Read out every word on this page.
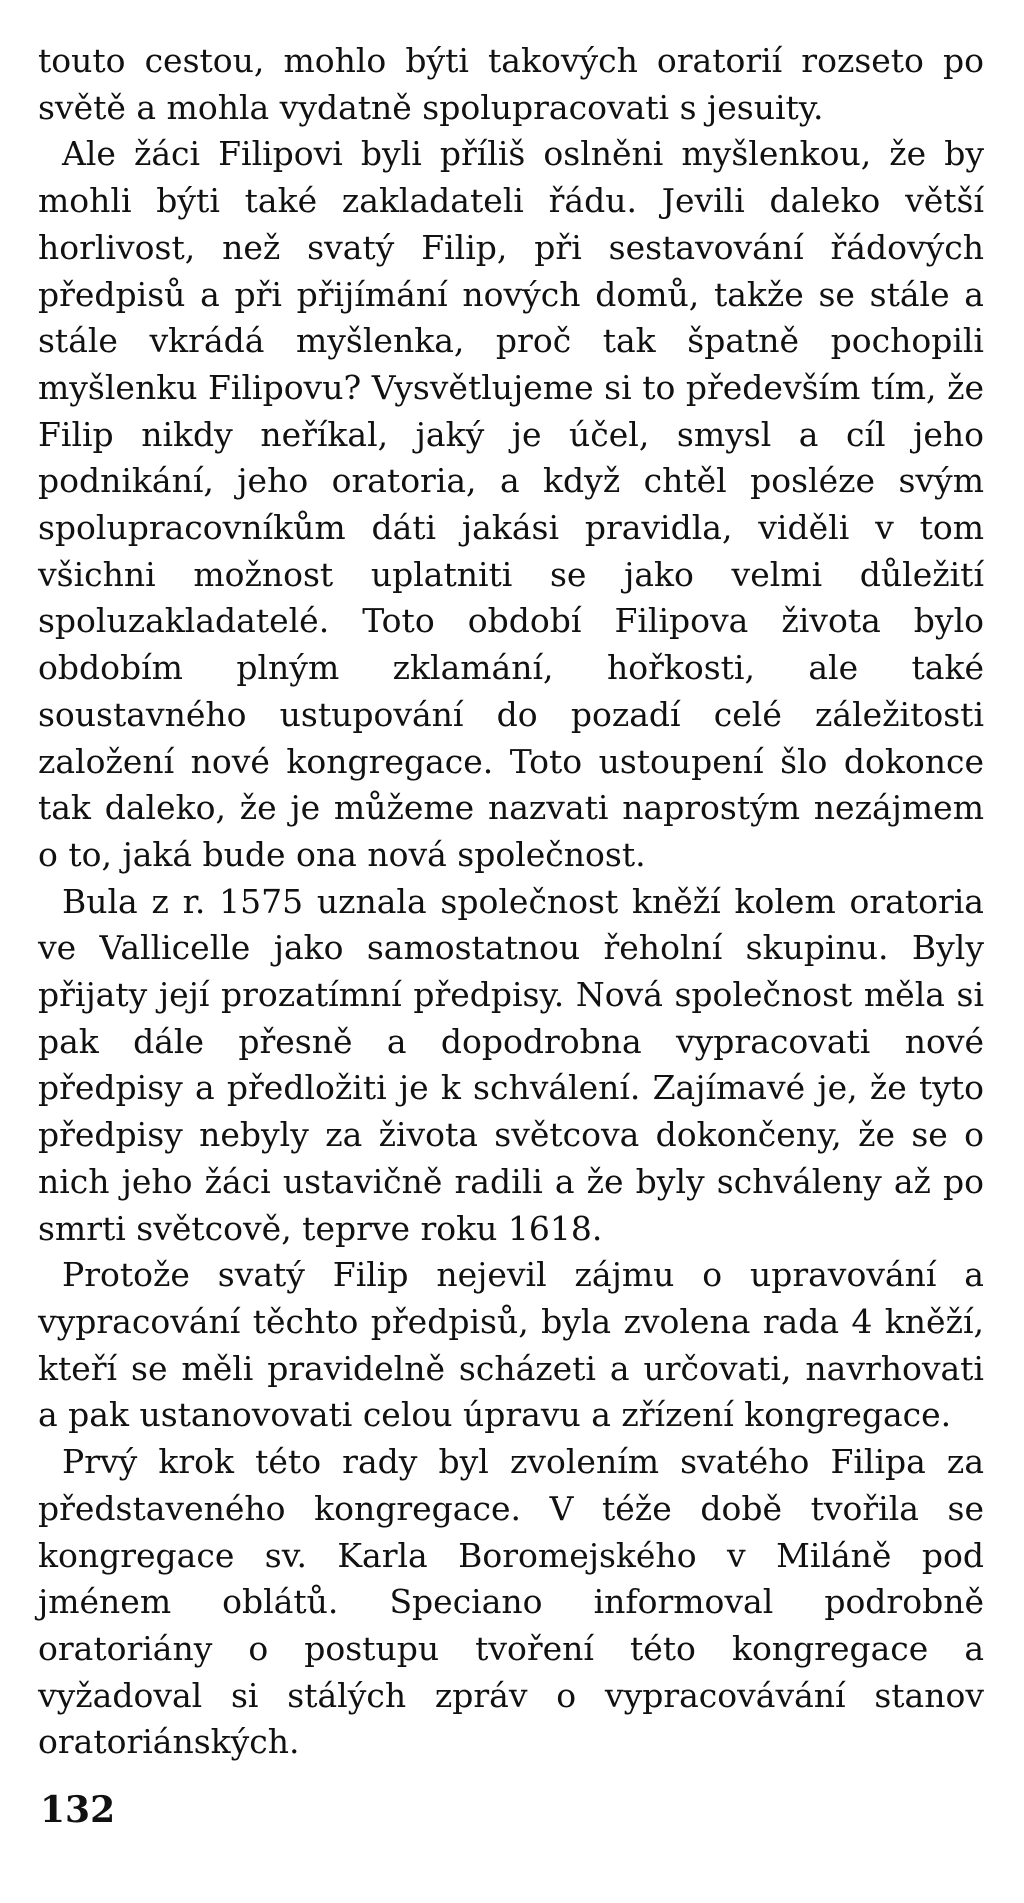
touto cestou, mohlo býti takových oratorií rozseto po světě a mohla vydatně spolupracovati s jesuity.

Ale žáci Filipovi byli příliš oslněni myšlenkou, že by mohli býti také zakladateli řádu. Jevili daleko větší horlivost, než svatý Filip, při sestavování řádových předpisů a při přijímání nových domů, takže se stále a stále vkrádá myšlenka, proč tak špatně pochopili myšlenku Filipovu? Vysvětlujeme si to především tím, že Filip nikdy neříkal, jaký je účel, smysl a cíl jeho podnikání, jeho oratoria, a když chtěl posléze svým spolupracovníkům dáti jakási pravidla, viděli v tom všichni možnost uplatniti se jako velmi důležití spoluzakladatelé. Toto období Filipova života bylo obdobím plným zklamání, hořkosti, ale také soustavného ustupování do pozadí celé záležitosti založení nové kongregace. Toto ustoupení šlo dokonce tak daleko, že je můžeme nazvati naprostým nezájmem o to, jaká bude ona nová společnost.

Bula z r. 1575 uznala společnost kněží kolem oratoria ve Vallicelle jako samostatnou řeholní skupinu. Byly přijaty její prozatímní předpisy. Nová společnost měla si pak dále přesně a dopodrobna vypracovati nové předpisy a předložiti je k schválení. Zajímavé je, že tyto předpisy nebyly za života světcova dokončeny, že se o nich jeho žáci ustavičně radili a že byly schváleny až po smrti světcově, teprve roku 1618.

Protože svatý Filip nejevil zájmu o upravování a vypracování těchto předpisů, byla zvolena rada 4 kněží, kteří se měli pravidelně scházeti a určovati, navrhovati a pak ustanovovati celou úpravu a zřízení kongregace.

Prvý krok této rady byl zvolením svatého Filipa za představeného kongregace. V téže době tvořila se kongregace sv. Karla Boromejského v Miláně pod jménem oblátů. Speciano informoval podrobně oratoriány o postupu tvoření této kongregace a vyžadoval si stálých zpráv o vypracovávání stanov oratoriánských.

132
